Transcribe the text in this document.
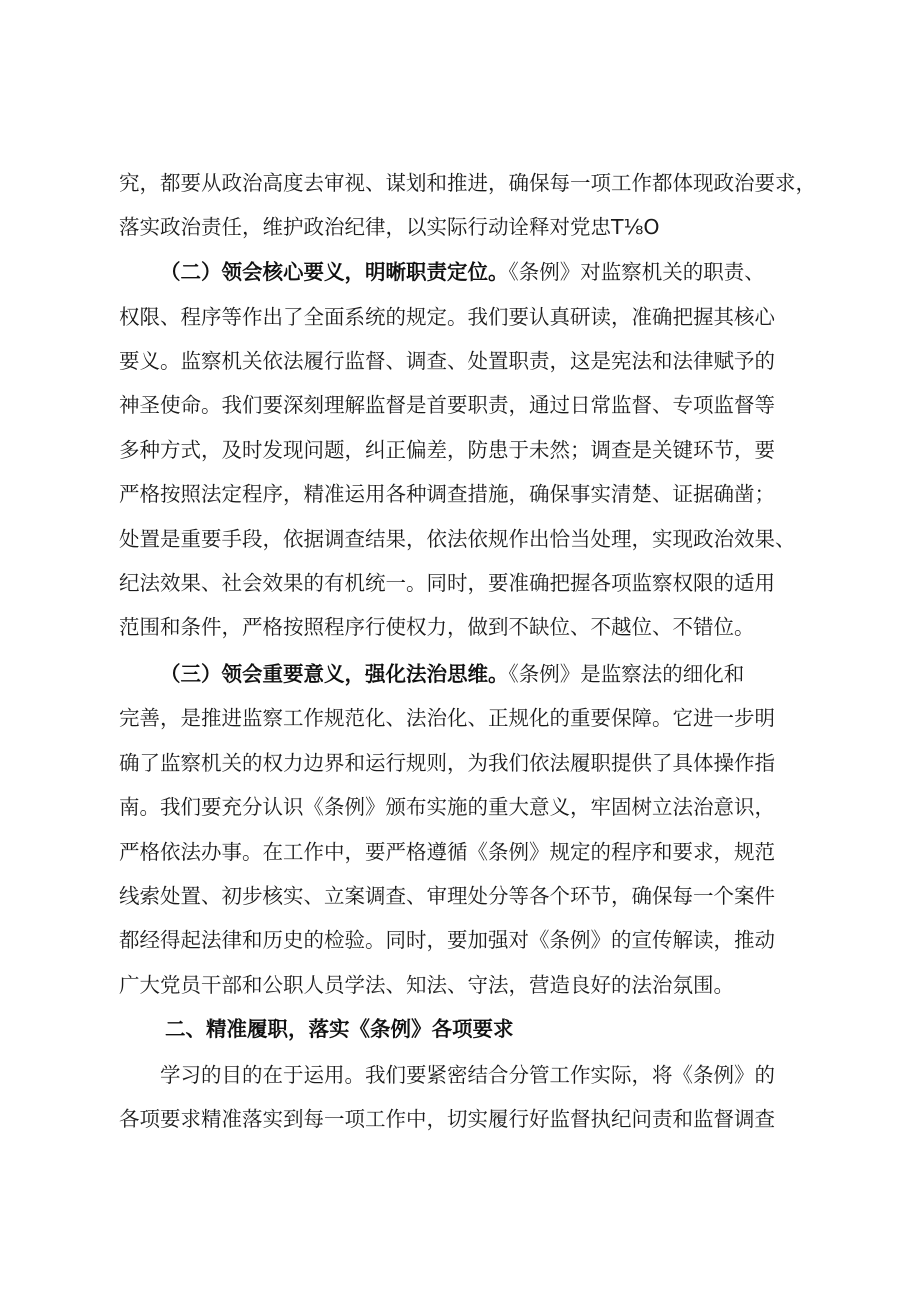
究，都要从政治高度去审视、谋划和推进，确保每一项工作都体现政治要求，
落实政治责任，维护政治纪律，以实际行动诠释对党忠T⅛O
（二）领会核心要义，明晰职责定位。《条例》对监察机关的职责、
权限、程序等作出了全面系统的规定。我们要认真研读，准确把握其核心
要义。监察机关依法履行监督、调查、处置职责，这是宪法和法律赋予的
神圣使命。我们要深刻理解监督是首要职责，通过日常监督、专项监督等
多种方式，及时发现问题，纠正偏差，防患于未然；调查是关键环节，要
严格按照法定程序，精准运用各种调查措施，确保事实清楚、证据确凿；
处置是重要手段，依据调查结果，依法依规作出恰当处理，实现政治效果、
纪法效果、社会效果的有机统一。同时，要准确把握各项监察权限的适用
范围和条件，严格按照程序行使权力，做到不缺位、不越位、不错位。
（三）领会重要意义，强化法治思维。《条例》是监察法的细化和
完善，是推进监察工作规范化、法治化、正规化的重要保障。它进一步明
确了监察机关的权力边界和运行规则，为我们依法履职提供了具体操作指
南。我们要充分认识《条例》颁布实施的重大意义，牢固树立法治意识，
严格依法办事。在工作中，要严格遵循《条例》规定的程序和要求，规范
线索处置、初步核实、立案调查、审理处分等各个环节，确保每一个案件
都经得起法律和历史的检验。同时，要加强对《条例》的宣传解读，推动
广大党员干部和公职人员学法、知法、守法，营造良好的法治氛围。
二、精准履职，落实《条例》各项要求
学习的目的在于运用。我们要紧密结合分管工作实际，将《条例》的
各项要求精准落实到每一项工作中，切实履行好监督执纪问责和监督调查
